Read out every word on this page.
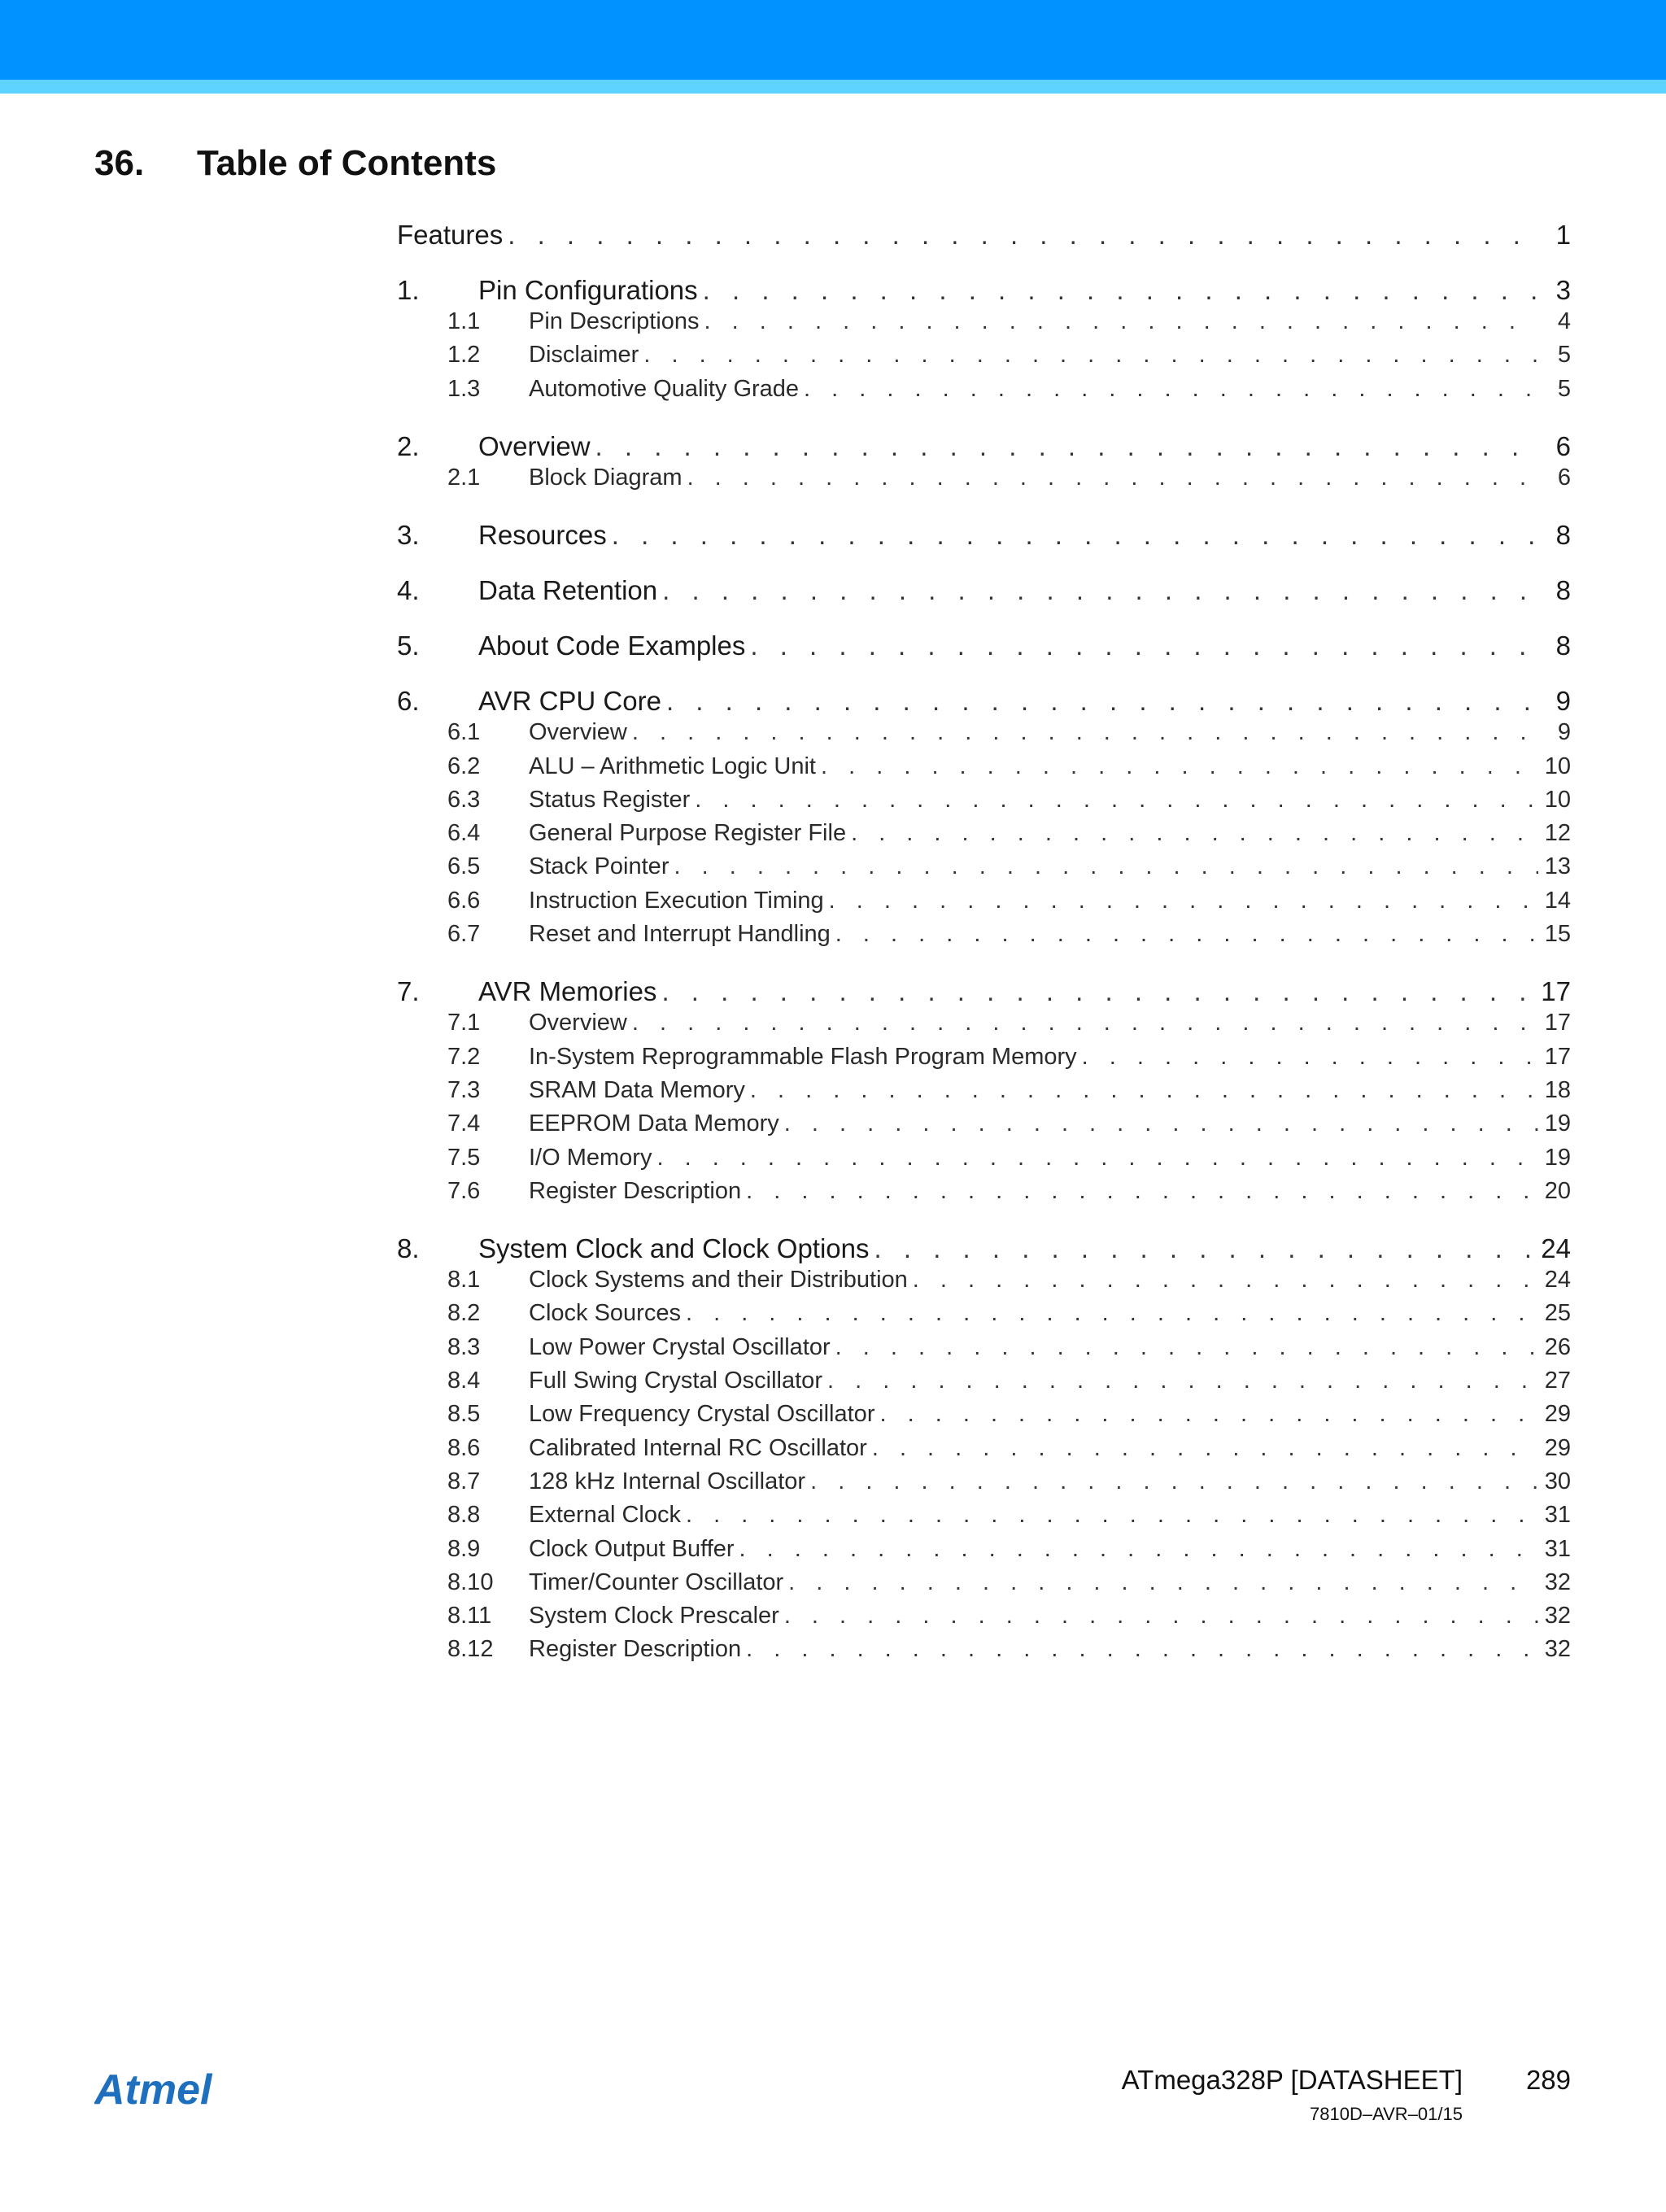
36. Table of Contents
Features . . .	1
1.	Pin Configurations . . .	3
1.1	Pin Descriptions . . .	4
1.2	Disclaimer . . .	5
1.3	Automotive Quality Grade . . .	5
2.	Overview . . .	6
2.1	Block Diagram . . .	6
3.	Resources . . .	8
4.	Data Retention . . .	8
5.	About Code Examples . . .	8
6.	AVR CPU Core . . .	9
6.1	Overview . . .	9
6.2	ALU – Arithmetic Logic Unit . . .	10
6.3	Status Register . . .	10
6.4	General Purpose Register File . . .	12
6.5	Stack Pointer . . .	13
6.6	Instruction Execution Timing . . .	14
6.7	Reset and Interrupt Handling . . .	15
7.	AVR Memories . . .	17
7.1	Overview . . .	17
7.2	In-System Reprogrammable Flash Program Memory . . .	17
7.3	SRAM Data Memory . . .	18
7.4	EEPROM Data Memory . . .	19
7.5	I/O Memory . . .	19
7.6	Register Description . . .	20
8.	System Clock and Clock Options . . .	24
8.1	Clock Systems and their Distribution . . .	24
8.2	Clock Sources . . .	25
8.3	Low Power Crystal Oscillator . . .	26
8.4	Full Swing Crystal Oscillator . . .	27
8.5	Low Frequency Crystal Oscillator . . .	29
8.6	Calibrated Internal RC Oscillator . . .	29
8.7	128 kHz Internal Oscillator . . .	30
8.8	External Clock . . .	31
8.9	Clock Output Buffer . . .	31
8.10	Timer/Counter Oscillator . . .	32
8.11	System Clock Prescaler . . .	32
8.12	Register Description . . .	32
Atmel	ATmega328P [DATASHEET] 289
7810D–AVR–01/15
